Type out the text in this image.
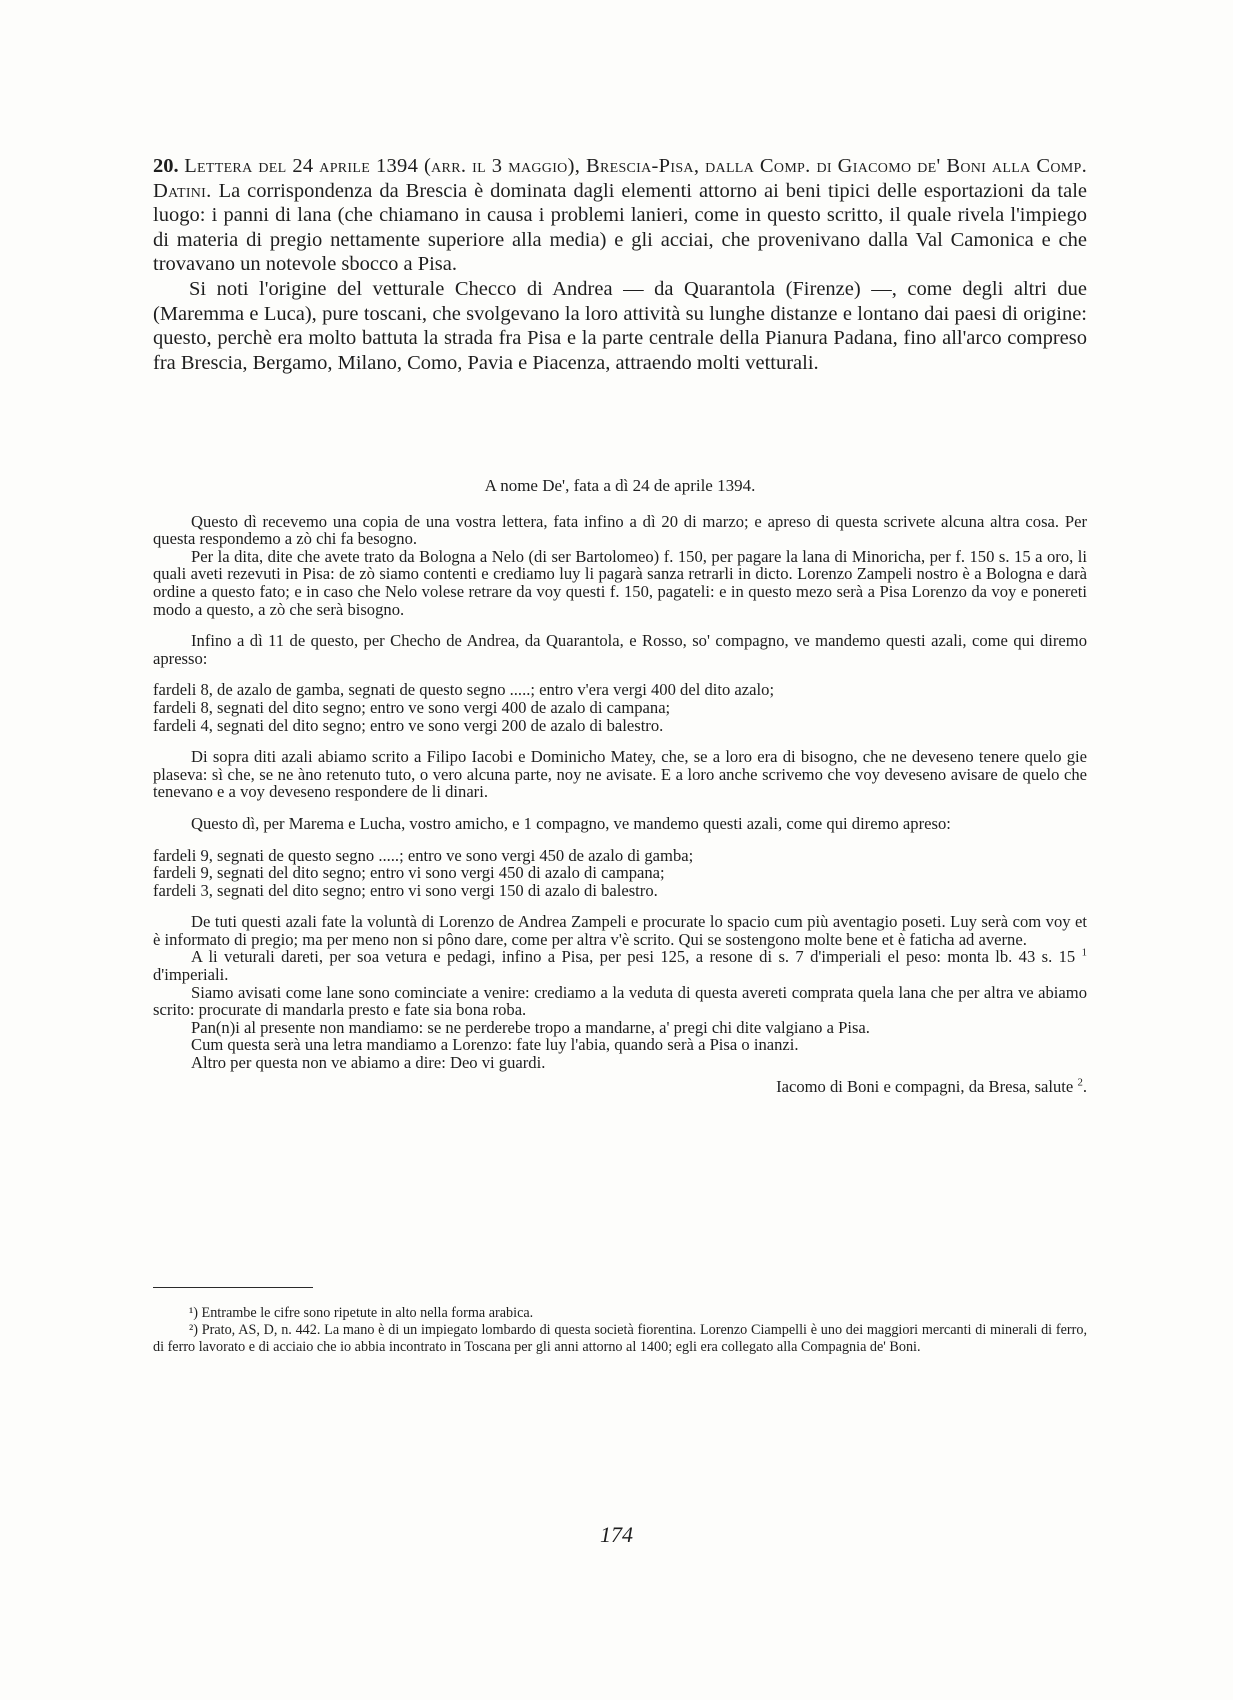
20. Lettera del 24 aprile 1394 (arr. il 3 maggio), Brescia-Pisa, dalla Comp. di Giacomo de' Boni alla Comp. Datini. La corrispondenza da Brescia è dominata dagli elementi attorno ai beni tipici delle esportazioni da tale luogo: i panni di lana (che chiamano in causa i problemi lanieri, come in questo scritto, il quale rivela l'impiego di materia di pregio nettamente superiore alla media) e gli acciai, che provenivano dalla Val Camonica e che trovavano un notevole sbocco a Pisa.

Si noti l'origine del vetturale Checco di Andrea — da Quarantola (Firenze) —, come degli altri due (Maremma e Luca), pure toscani, che svolgevano la loro attività su lunghe distanze e lontano dai paesi di origine: questo, perchè era molto battuta la strada fra Pisa e la parte centrale della Pianura Padana, fino all'arco compreso fra Brescia, Bergamo, Milano, Como, Pavia e Piacenza, attraendo molti vetturali.

A nome De', fata a dì 24 de aprile 1394.

Questo dì recevemo una copia de una vostra lettera, fata infino a dì 20 di marzo; e apreso di questa scrivete alcuna altra cosa. Per questa respondemo a zò chi fa besogno.

Per la dita, dite che avete trato da Bologna a Nelo (di ser Bartolomeo) f. 150, per pagare la lana di Minoricha, per f. 150 s. 15 a oro, li quali aveti rezevuti in Pisa: de zò siamo contenti e crediamo luy li pagarà sanza retrarli in dicto. Lorenzo Zampeli nostro è a Bologna e darà ordine a questo fato; e in caso che Nelo volese retrare da voy questi f. 150, pagateli: e in questo mezo serà a Pisa Lorenzo da voy e ponereti modo a questo, a zò che serà bisogno.

Infino a dì 11 de questo, per Checho de Andrea, da Quarantola, e Rosso, so' compagno, ve mandemo questi azali, come qui diremo apresso:

fardeli 8, de azalo de gamba, segnati de questo segno .....; entro v'era vergi 400 del dito azalo;
fardeli 8, segnati del dito segno; entro ve sono vergi 400 de azalo di campana;
fardeli 4, segnati del dito segno; entro ve sono vergi 200 de azalo di balestro.

Di sopra diti azali abiamo scrito a Filipo Iacobi e Dominicho Matey, che, se a loro era di bisogno, che ne deveseno tenere quelo gie plaseva: sì che, se ne àno retenuto tuto, o vero alcuna parte, noy ne avisate. E a loro anche scrivemo che voy deveseno avisare de quelo che tenevano e a voy deveseno respondere de li dinari.

Questo dì, per Marema e Lucha, vostro amicho, e 1 compagno, ve mandemo questi azali, come qui diremo apreso:

fardeli 9, segnati de questo segno .....; entro ve sono vergi 450 de azalo di gamba;
fardeli 9, segnati del dito segno; entro vi sono vergi 450 di azalo di campana;
fardeli 3, segnati del dito segno; entro vi sono vergi 150 di azalo di balestro.

De tuti questi azali fate la voluntà di Lorenzo de Andrea Zampeli e procurate lo spacio cum più aventagio poseti. Luy serà com voy et è informato di pregio; ma per meno non si pôno dare, come per altra v'è scrito. Qui se sostengono molte bene et è faticha ad averne.

A li veturali dareti, per soa vetura e pedagi, infino a Pisa, per pesi 125, a resone di s. 7 d'imperiali el peso: monta lb. 43 s. 15 $^1$ d'imperiali.

Siamo avisati come lane sono cominciate a venire: crediamo a la veduta di questa avereti comprata quela lana che per altra ve abiamo scrito: procurate di mandarla presto e fate sia bona roba.

Pan(n)i al presente non mandiamo: se ne perderebe tropo a mandarne, a' pregi chi dite valgiano a Pisa.

Cum questa serà una letra mandiamo a Lorenzo: fate luy l'abia, quando serà a Pisa o inanzi.

Altro per questa non ve abiamo a dire: Deo vi guardi.

Iacomo di Boni e compagni, da Bresa, salute $^2$.

¹) Entrambe le cifre sono ripetute in alto nella forma arabica.

²) Prato, AS, D, n. 442. La mano è di un impiegato lombardo di questa società fiorentina. Lorenzo Ciampelli è uno dei maggiori mercanti di minerali di ferro, di ferro lavorato e di acciaio che io abbia incontrato in Toscana per gli anni attorno al 1400; egli era collegato alla Compagnia de' Boni.

174
